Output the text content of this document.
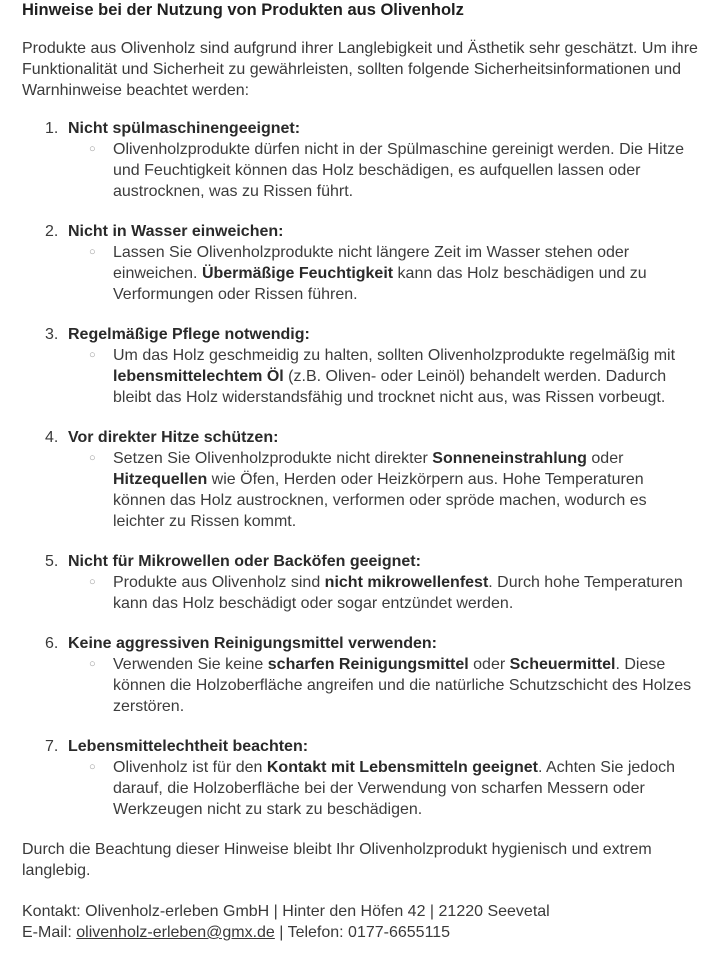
Hinweise bei der Nutzung von Produkten aus Olivenholz

Produkte aus Olivenholz sind aufgrund ihrer Langlebigkeit und Ästhetik sehr geschätzt. Um ihre Funktionalität und Sicherheit zu gewährleisten, sollten folgende Sicherheitsinformationen und Warnhinweise beachtet werden:

1. Nicht spülmaschinengeeignet:
○ Olivenholzprodukte dürfen nicht in der Spülmaschine gereinigt werden. Die Hitze und Feuchtigkeit können das Holz beschädigen, es aufquellen lassen oder austrocknen, was zu Rissen führt.
2. Nicht in Wasser einweichen:
○ Lassen Sie Olivenholzprodukte nicht längere Zeit im Wasser stehen oder einweichen. Übermäßige Feuchtigkeit kann das Holz beschädigen und zu Verformungen oder Rissen führen.
3. Regelmäßige Pflege notwendig:
○ Um das Holz geschmeidig zu halten, sollten Olivenholzprodukte regelmäßig mit lebensmittelechtem Öl (z.B. Oliven- oder Leinöl) behandelt werden. Dadurch bleibt das Holz widerstandsfähig und trocknet nicht aus, was Rissen vorbeugt.
4. Vor direkter Hitze schützen:
○ Setzen Sie Olivenholzprodukte nicht direkter Sonneneinstrahlung oder Hitzequellen wie Öfen, Herden oder Heizkörpern aus. Hohe Temperaturen können das Holz austrocknen, verformen oder spröde machen, wodurch es leichter zu Rissen kommt.
5. Nicht für Mikrowellen oder Backöfen geeignet:
○ Produkte aus Olivenholz sind nicht mikrowellenfest. Durch hohe Temperaturen kann das Holz beschädigt oder sogar entzündet werden.
6. Keine aggressiven Reinigungsmittel verwenden:
○ Verwenden Sie keine scharfen Reinigungsmittel oder Scheuermittel. Diese können die Holzoberfläche angreifen und die natürliche Schutzschicht des Holzes zerstören.
7. Lebensmittelechtheit beachten:
○ Olivenholz ist für den Kontakt mit Lebensmitteln geeignet. Achten Sie jedoch darauf, die Holzoberfläche bei der Verwendung von scharfen Messern oder Werkzeugen nicht zu stark zu beschädigen.

Durch die Beachtung dieser Hinweise bleibt Ihr Olivenholzprodukt hygienisch und extrem langlebig.

Kontakt: Olivenholz-erleben GmbH | Hinter den Höfen 42 | 21220 Seevetal
E-Mail: olivenholz-erleben@gmx.de | Telefon: 0177-6655115
